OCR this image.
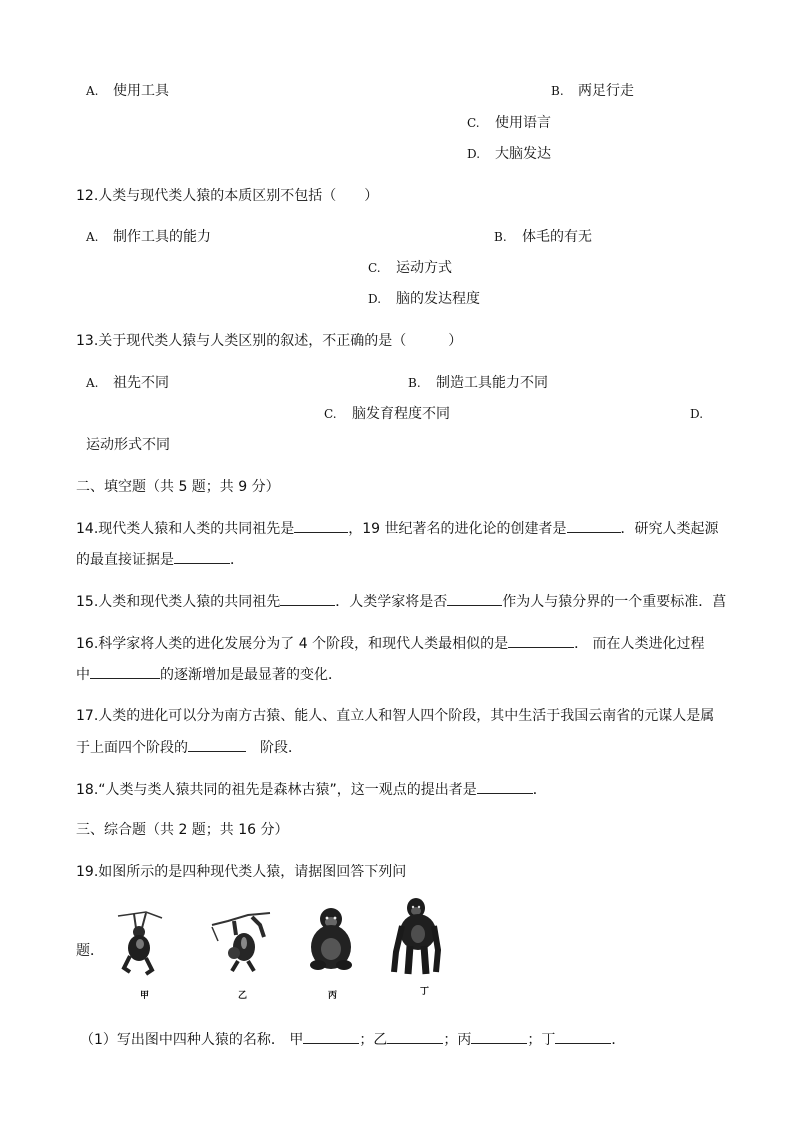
A. 使用工具	B. 两足行走
C. 使用语言
D. 大脑发达
12.人类与现代类人猿的本质区别不包括（　　）
A. 制作工具的能力	B. 体毛的有无
C. 运动方式
D. 脑的发达程度
13.关于现代类人猿与人类区别的叙述，不正确的是（　　　）
A. 祖先不同	B. 制造工具能力不同
C. 脑发育程度不同	D.
运动形式不同
二、填空题（共 5 题；共 9 分）
14.现代类人猿和人类的共同祖先是	，19 世纪著名的进化论的创建者是	．研究人类起源
的最直接证据是	．
15.人类和现代类人猿的共同祖先	．人类学家将是否	作为人与猿分界的一个重要标准．菖
16.科学家将人类的进化发展分为了 4 个阶段，和现代人类最相似的是	． 而在人类进化过程
中	的逐渐增加是最显著的变化．
17.人类的进化可以分为南方古猿、能人、直立人和智人四个阶段，其中生活于我国云南省的元谋人是属
于上面四个阶段的	　阶段．
18.“人类与类人猿共同的祖先是森林古猿”，这一观点的提出者是	．
三、综合题（共 2 题；共 16 分）
19.如图所示的是四种现代类人猿，请据图回答下列问
题．
甲	乙	丙	丁
（1）写出图中四种人猿的名称． 甲	；乙	；丙	；丁	．
